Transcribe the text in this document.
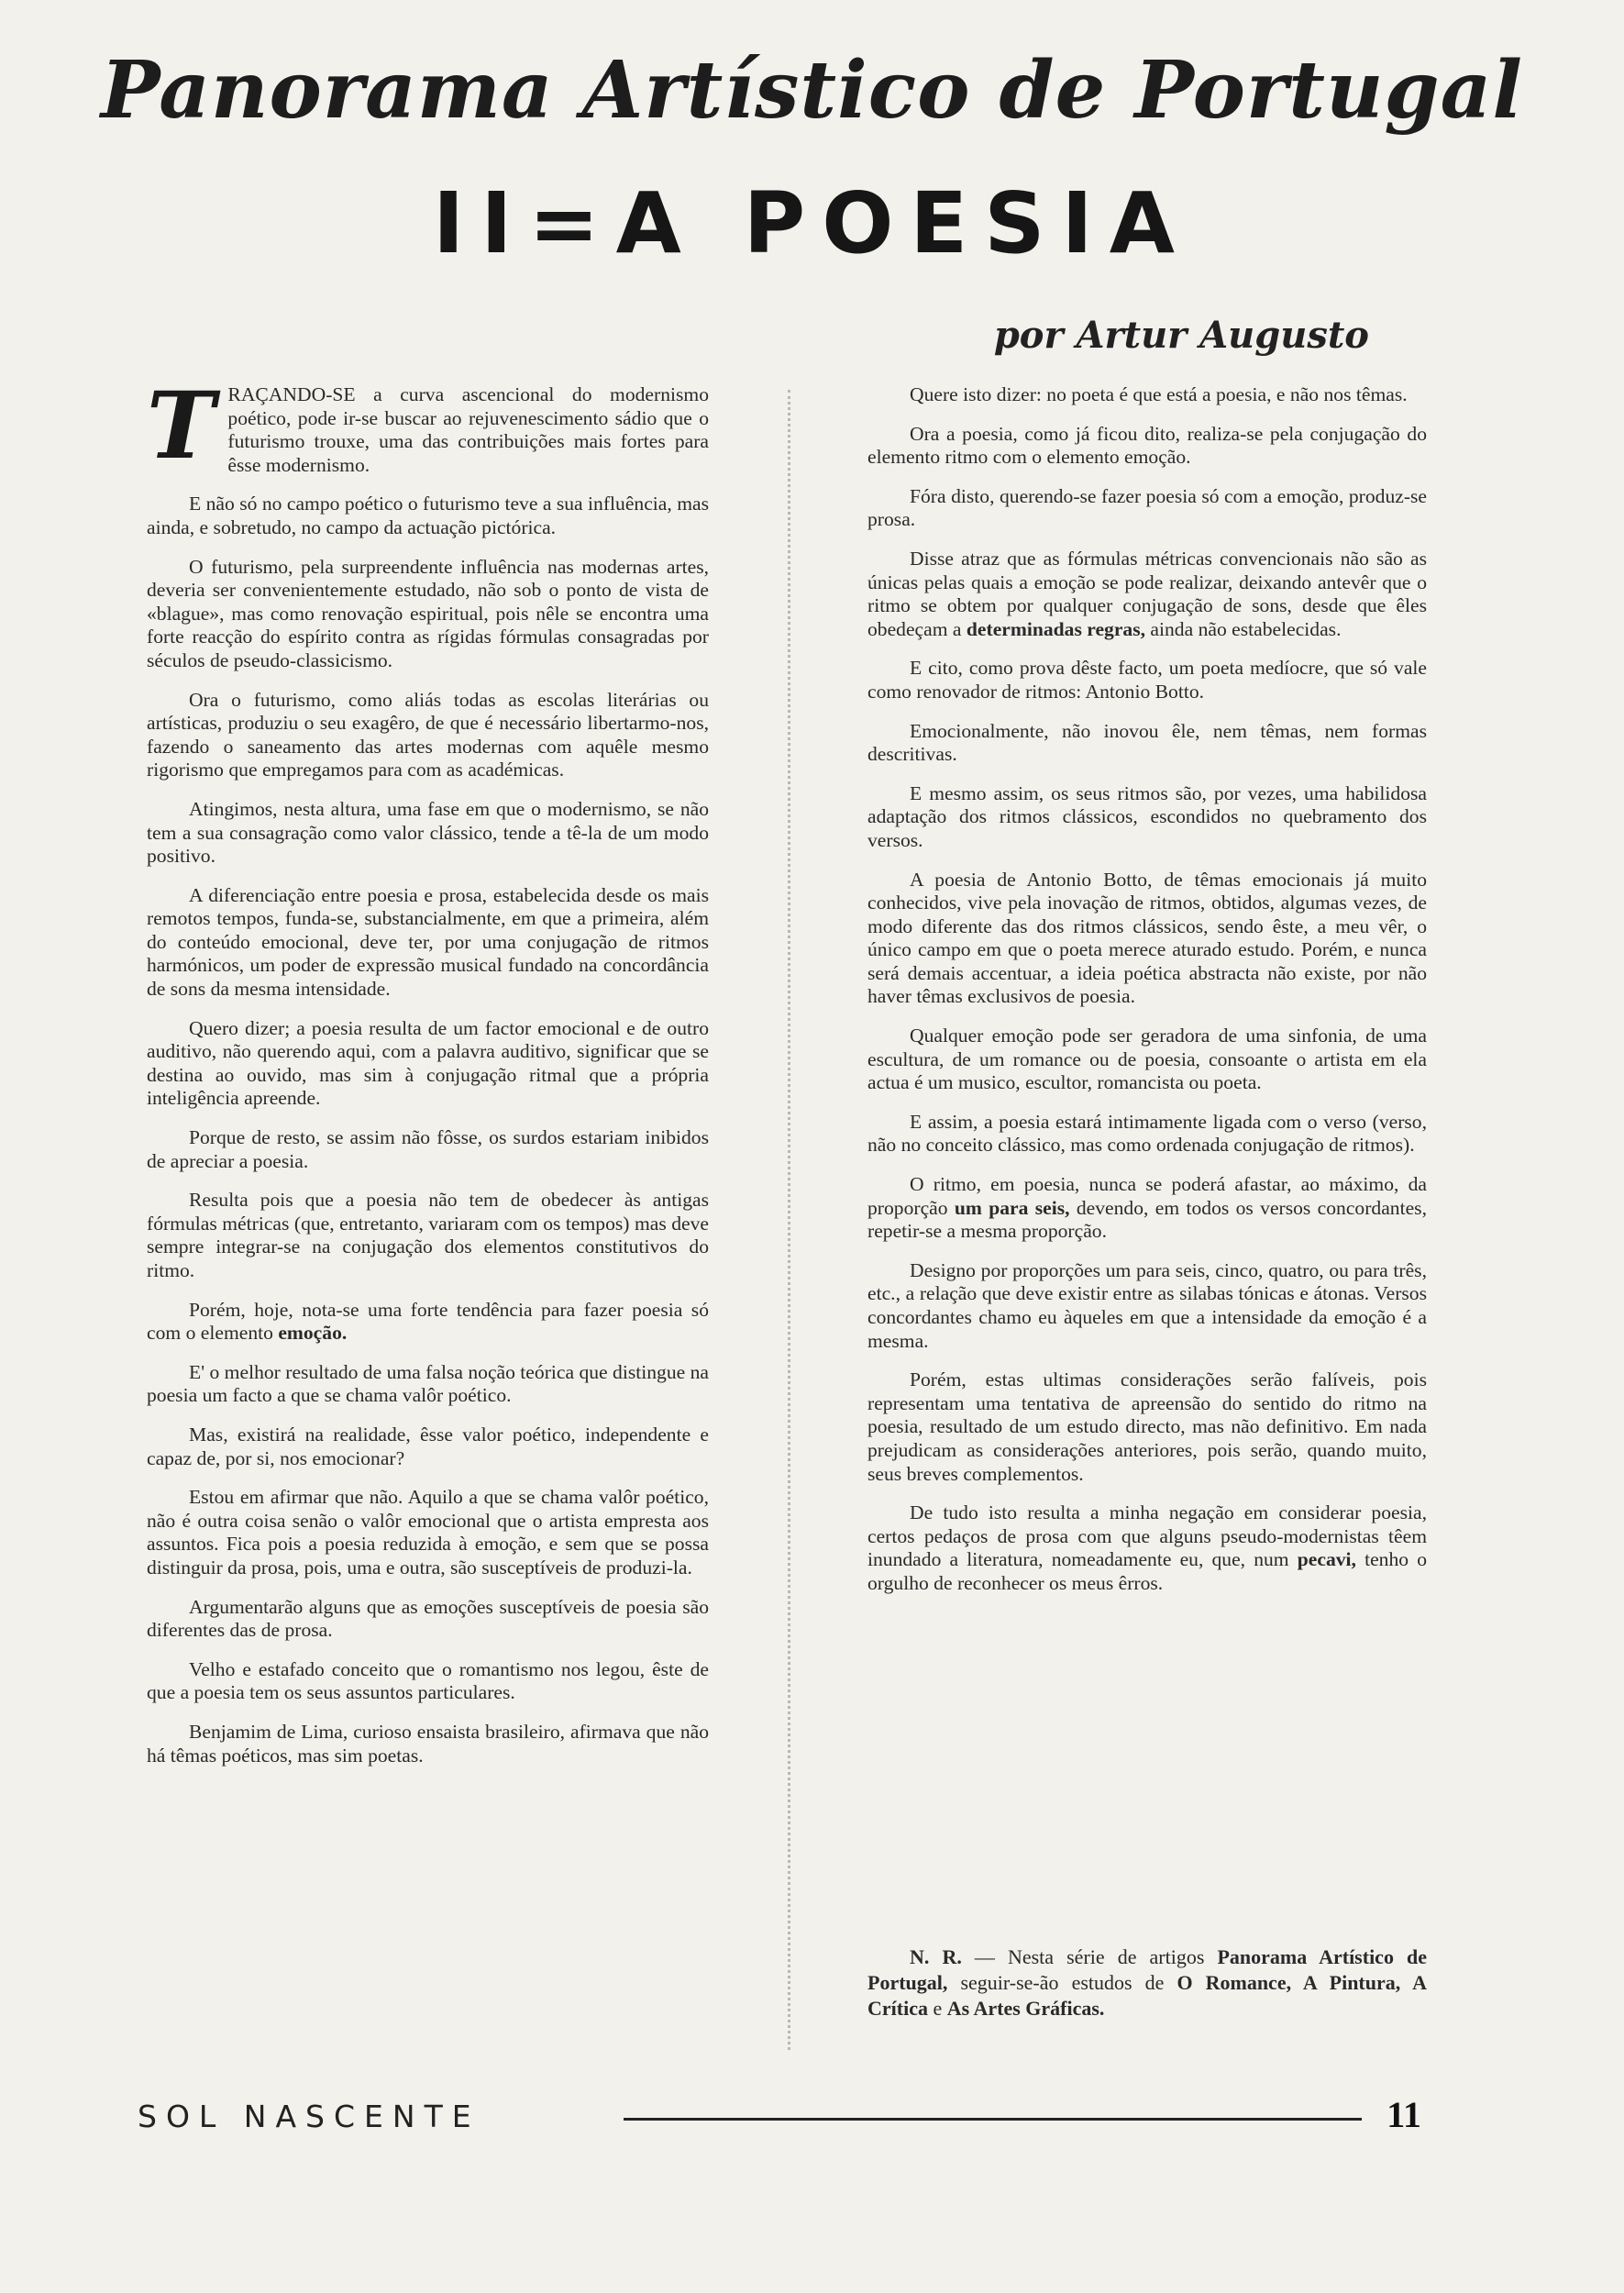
Panorama Artístico de Portugal
II=A POESIA
por Artur Augusto

TRAÇANDO-SE a curva ascencional do modernismo poético, pode ir-se buscar ao rejuvenescimento sádio que o futurismo trouxe, uma das contribuições mais fortes para êsse modernismo.

E não só no campo poético o futurismo teve a sua influência, mas ainda, e sobretudo, no campo da actuação pictórica.

O futurismo, pela surpreendente influência nas modernas artes, deveria ser convenientemente estudado, não sob o ponto de vista de «blague», mas como renovação espiritual, pois nêle se encontra uma forte reacção do espírito contra as rígidas fórmulas consagradas por séculos de pseudo-classicismo.

Ora o futurismo, como aliás todas as escolas literárias ou artísticas, produziu o seu exagêro, de que é necessário libertarmo-nos, fazendo o saneamento das artes modernas com aquêle mesmo rigorismo que empregamos para com as académicas.

Atingimos, nesta altura, uma fase em que o modernismo, se não tem a sua consagração como valor clássico, tende a tê-la de um modo positivo.

A diferenciação entre poesia e prosa, estabelecida desde os mais remotos tempos, funda-se, substancialmente, em que a primeira, além do conteúdo emocional, deve ter, por uma conjugação de ritmos harmónicos, um poder de expressão musical fundado na concordância de sons da mesma intensidade.

Quero dizer; a poesia resulta de um factor emocional e de outro auditivo, não querendo aqui, com a palavra auditivo, significar que se destina ao ouvido, mas sim à conjugação ritmal que a própria inteligência apreende.

Porque de resto, se assim não fôsse, os surdos estariam inibidos de apreciar a poesia.

Resulta pois que a poesia não tem de obedecer às antigas fórmulas métricas (que, entretanto, variaram com os tempos) mas deve sempre integrar-se na conjugação dos elementos constitutivos do ritmo.

Porém, hoje, nota-se uma forte tendência para fazer poesia só com o elemento emoção.

E' o melhor resultado de uma falsa noção teórica que distingue na poesia um facto a que se chama valôr poético.

Mas, existirá na realidade, êsse valor poético, independente e capaz de, por si, nos emocionar?

Estou em afirmar que não. Aquilo a que se chama valôr poético, não é outra coisa senão o valôr emocional que o artista empresta aos assuntos. Fica pois a poesia reduzida à emoção, e sem que se possa distinguir da prosa, pois, uma e outra, são susceptíveis de produzi-la.

Argumentarão alguns que as emoções susceptíveis de poesia são diferentes das de prosa.

Velho e estafado conceito que o romantismo nos legou, êste de que a poesia tem os seus assuntos particulares.

Benjamim de Lima, curioso ensaista brasileiro, afirmava que não há têmas poéticos, mas sim poetas.

Quere isto dizer: no poeta é que está a poesia, e não nos têmas.

Ora a poesia, como já ficou dito, realiza-se pela conjugação do elemento ritmo com o elemento emoção.

Fóra disto, querendo-se fazer poesia só com a emoção, produz-se prosa.

Disse atraz que as fórmulas métricas convencionais não são as únicas pelas quais a emoção se pode realizar, deixando antevêr que o ritmo se obtem por qualquer conjugação de sons, desde que êles obedeçam a determinadas regras, ainda não estabelecidas.

E cito, como prova dêste facto, um poeta medíocre, que só vale como renovador de ritmos: Antonio Botto.

Emocionalmente, não inovou êle, nem têmas, nem formas descritivas.

E mesmo assim, os seus ritmos são, por vezes, uma habilidosa adaptação dos ritmos clássicos, escondidos no quebramento dos versos.

A poesia de Antonio Botto, de têmas emocionais já muito conhecidos, vive pela inovação de ritmos, obtidos, algumas vezes, de modo diferente das dos ritmos clássicos, sendo êste, a meu vêr, o único campo em que o poeta merece aturado estudo. Porém, e nunca será demais accentuar, a ideia poética abstracta não existe, por não haver têmas exclusivos de poesia.

Qualquer emoção pode ser geradora de uma sinfonia, de uma escultura, de um romance ou de poesia, consoante o artista em ela actua é um musico, escultor, romancista ou poeta.

E assim, a poesia estará intimamente ligada com o verso (verso, não no conceito clássico, mas como ordenada conjugação de ritmos).

O ritmo, em poesia, nunca se poderá afastar, ao máximo, da proporção um para seis, devendo, em todos os versos concordantes, repetir-se a mesma proporção.

Designo por proporções um para seis, cinco, quatro, ou para três, etc., a relação que deve existir entre as silabas tónicas e átonas. Versos concordantes chamo eu àqueles em que a intensidade da emoção é a mesma.

Porém, estas ultimas considerações serão falíveis, pois representam uma tentativa de apreensão do sentido do ritmo na poesia, resultado de um estudo directo, mas não definitivo. Em nada prejudicam as considerações anteriores, pois serão, quando muito, seus breves complementos.

De tudo isto resulta a minha negação em considerar poesia, certos pedaços de prosa com que alguns pseudo-modernistas têem inundado a literatura, nomeadamente eu, que, num pecavi, tenho o orgulho de reconhecer os meus êrros.

N. R. — Nesta série de artigos Panorama Artístico de Portugal, seguir-se-ão estudos de O Romance, A Pintura, A Crítica e As Artes Gráficas.

SOL NASCENTE	11
